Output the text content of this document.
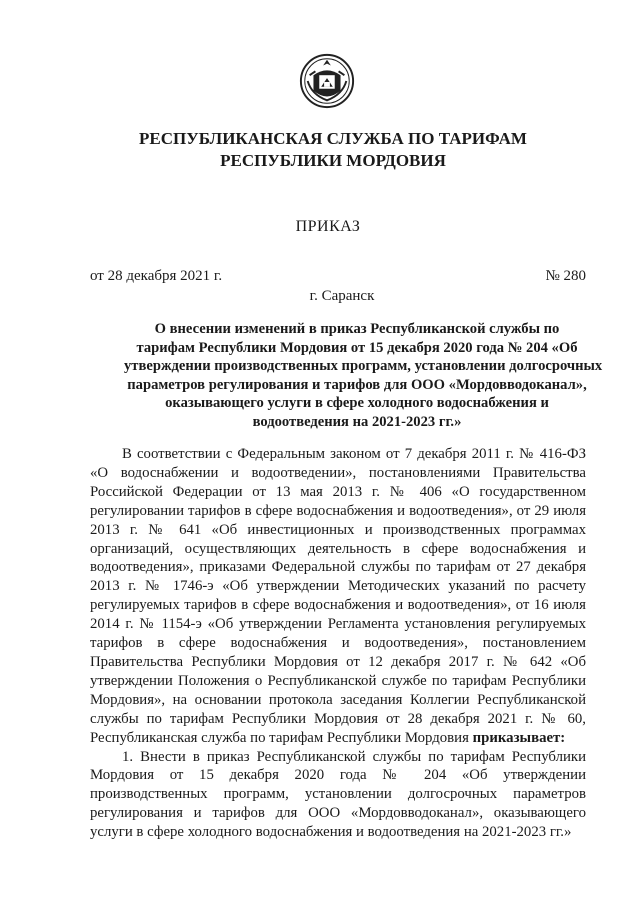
РЕСПУБЛИКАНСКАЯ СЛУЖБА ПО ТАРИФАМ
РЕСПУБЛИКИ МОРДОВИЯ
ПРИКАЗ
от 28 декабря 2021 г.	№ 280
г. Саранск
О внесении изменений в приказ Республиканской службы по
тарифам Республики Мордовия от 15 декабря 2020 года № 204 «Об
утверждении производственных программ, установлении долгосрочных
параметров регулирования и тарифов для ООО «Мордовводоканал»,
оказывающего услуги в сфере холодного водоснабжения и
водоотведения на 2021-2023 гг.»

В соответствии с Федеральным законом от 7 декабря 2011 г. № 416-ФЗ «О водоснабжении и водоотведении», постановлениями Правительства Российской Федерации от 13 мая 2013 г. № 406 «О государственном регулировании тарифов в сфере водоснабжения и водоотведения», от 29 июля 2013 г. № 641 «Об инвестиционных и производственных программах организаций, осуществляющих деятельность в сфере водоснабжения и водоотведения», приказами Федеральной службы по тарифам от 27 декабря 2013 г. № 1746-э «Об утверждении Методических указаний по расчету регулируемых тарифов в сфере водоснабжения и водоотведения», от 16 июля 2014 г. № 1154-э «Об утверждении Регламента установления регулируемых тарифов в сфере водоснабжения и водоотведения», постановлением Правительства Республики Мордовия от 12 декабря 2017 г. № 642 «Об утверждении Положения о Республиканской службе по тарифам Республики Мордовия», на основании протокола заседания Коллегии Республиканской службы по тарифам Республики Мордовия от 28 декабря 2021 г. № 60, Республиканская служба по тарифам Республики Мордовия приказывает:

1. Внести в приказ Республиканской службы по тарифам Республики Мордовия от 15 декабря 2020 года № 204 «Об утверждении производственных программ, установлении долгосрочных параметров регулирования и тарифов для ООО «Мордовводоканал», оказывающего услуги в сфере холодного водоснабжения и водоотведения на 2021-2023 гг.»
